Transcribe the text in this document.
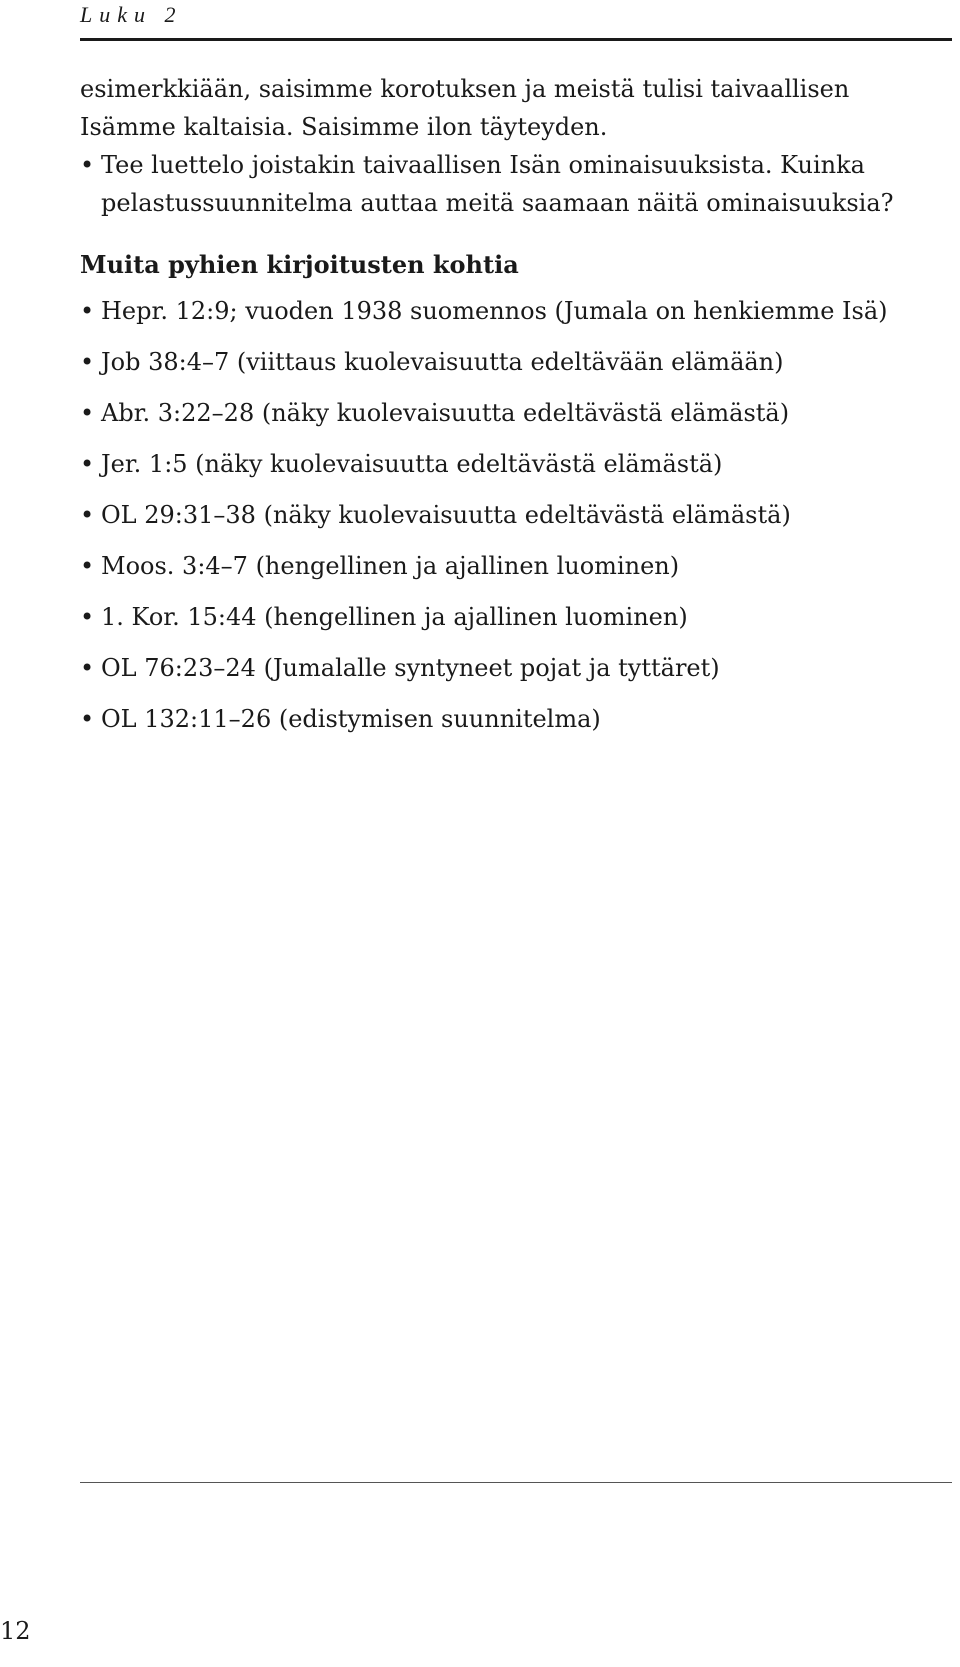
Luku 2

esimerkkiään, saisimme korotuksen ja meistä tulisi taivaallisen
Isämme kaltaisia. Saisimme ilon täyteyden.

• Tee luettelo joistakin taivaallisen Isän ominaisuuksista. Kuinka
pelastussuunnitelma auttaa meitä saamaan näitä ominaisuuksia?
Muita pyhien kirjoitusten kohtia
• Hepr. 12:9; vuoden 1938 suomennos (Jumala on henkiemme Isä)
• Job 38:4–7 (viittaus kuolevaisuutta edeltävään elämään)
• Abr. 3:22–28 (näky kuolevaisuutta edeltävästä elämästä)
• Jer. 1:5 (näky kuolevaisuutta edeltävästä elämästä)
• OL 29:31–38 (näky kuolevaisuutta edeltävästä elämästä)
• Moos. 3:4–7 (hengellinen ja ajallinen luominen)
• 1. Kor. 15:44 (hengellinen ja ajallinen luominen)
• OL 76:23–24 (Jumalalle syntyneet pojat ja tyttäret)
• OL 132:11–26 (edistymisen suunnitelma)
12
